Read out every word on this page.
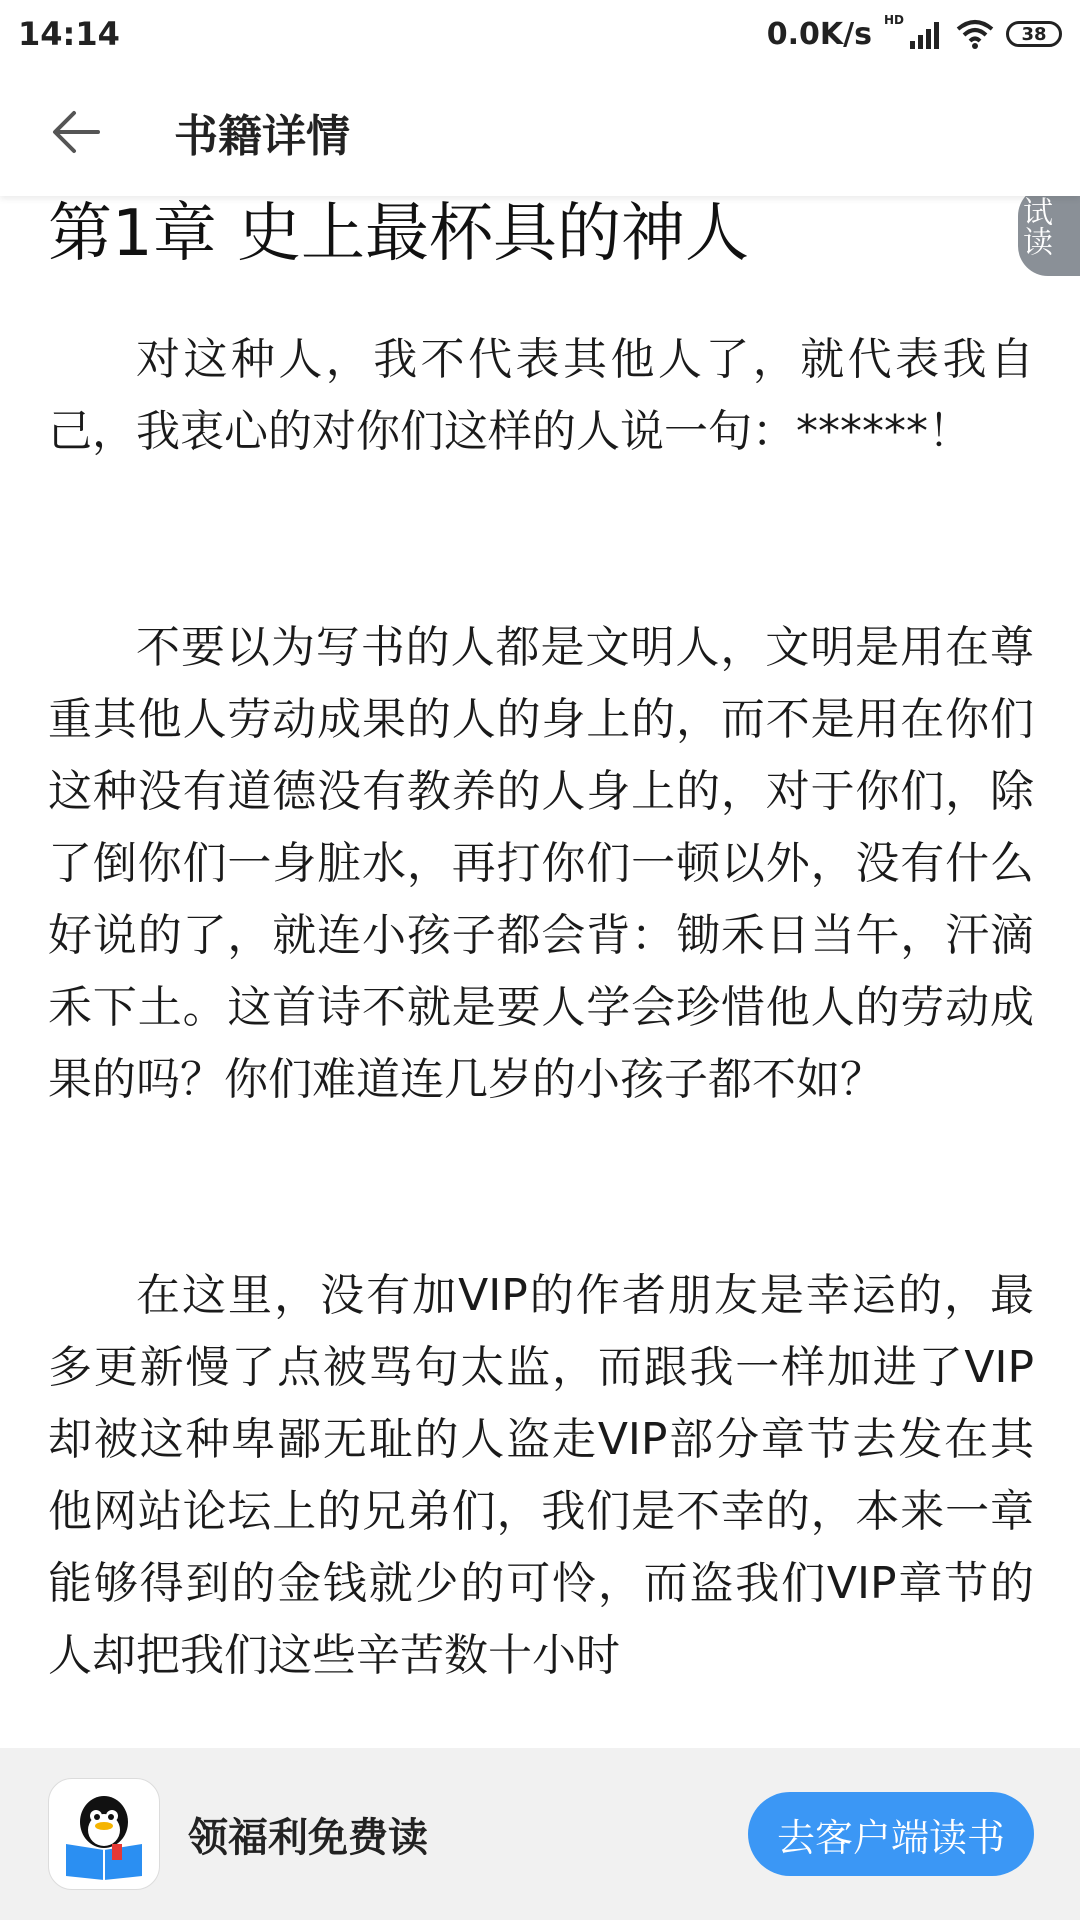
14:14	0.0K/s HD
38
书籍详情
第1章 史上最杯具的神人	试读

对这种人，我不代表其他人了，就代表我自己，我衷心的对你们这样的人说一句：******！

不要以为写书的人都是文明人，文明是用在尊重其他人劳动成果的人的身上的，而不是用在你们这种没有道德没有教养的人身上的，对于你们，除了倒你们一身脏水，再打你们一顿以外，没有什么好说的了，就连小孩子都会背：锄禾日当午，汗滴禾下土。这首诗不就是要人学会珍惜他人的劳动成果的吗？你们难道连几岁的小孩子都不如？

在这里，没有加VIP的作者朋友是幸运的，最多更新慢了点被骂句太监，而跟我一样加进了VIP却被这种卑鄙无耻的人盗走VIP部分章节去发在其他网站论坛上的兄弟们，我们是不幸的，本来一章能够得到的金钱就少的可怜，而盗我们VIP章节的人却把我们这些辛苦数十小时

领福利免费读	去客户端读书
